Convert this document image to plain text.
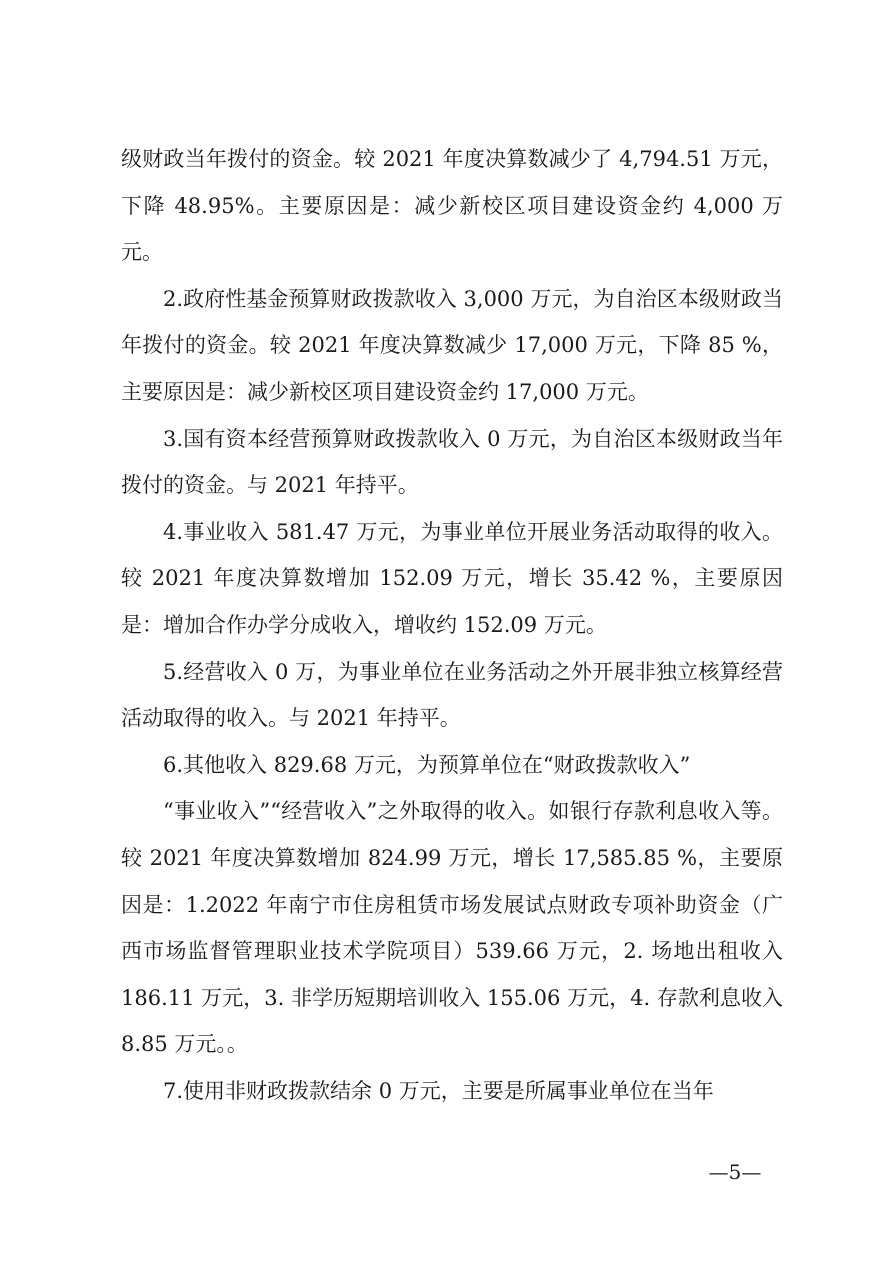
级财政当年拨付的资金。较 2021 年度决算数减少了 4,794.51 万元，下降 48.95%。主要原因是：减少新校区项目建设资金约 4,000 万元。

2.政府性基金预算财政拨款收入 3,000 万元，为自治区本级财政当年拨付的资金。较 2021 年度决算数减少 17,000 万元，下降 85 %，主要原因是：减少新校区项目建设资金约 17,000 万元。

3.国有资本经营预算财政拨款收入 0 万元，为自治区本级财政当年拨付的资金。与 2021 年持平。

4.事业收入 581.47 万元，为事业单位开展业务活动取得的收入。较 2021 年度决算数增加 152.09 万元，增长 35.42 %，主要原因是：增加合作办学分成收入，增收约 152.09 万元。

5.经营收入 0 万，为事业单位在业务活动之外开展非独立核算经营活动取得的收入。与 2021 年持平。

6.其他收入 829.68 万元，为预算单位在“财政拨款收入”

“事业收入”“经营收入”之外取得的收入。如银行存款利息收入等。较 2021 年度决算数增加 824.99 万元，增长 17,585.85 %，主要原因是：1.2022 年南宁市住房租赁市场发展试点财政专项补助资金（广西市场监督管理职业技术学院项目）539.66 万元，2. 场地出租收入 186.11 万元，3. 非学历短期培训收入 155.06 万元，4. 存款利息收入 8.85 万元。。

7.使用非财政拨款结余 0 万元，主要是所属事业单位在当年

—5—
